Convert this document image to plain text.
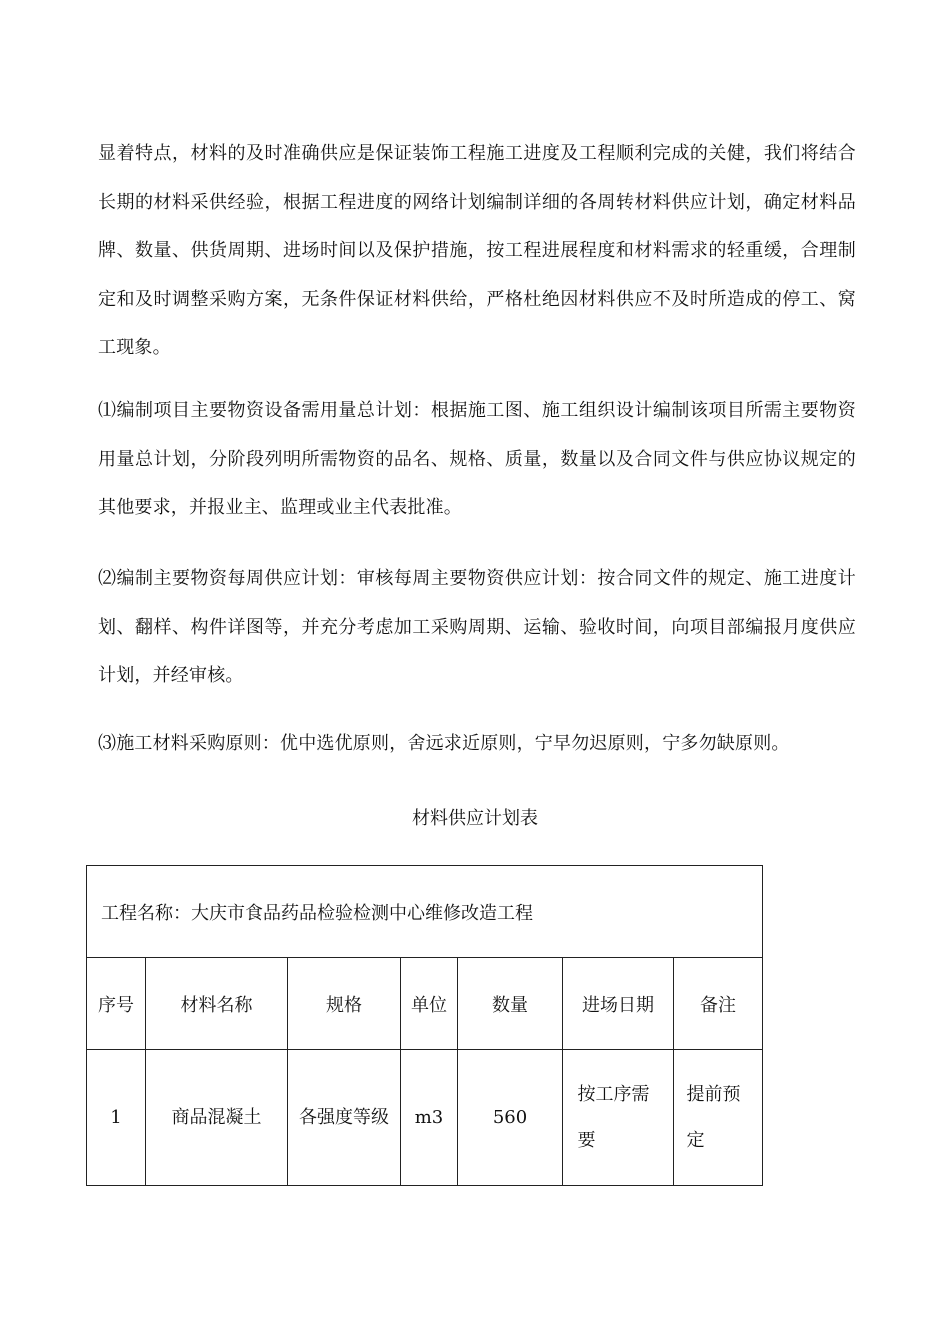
显着特点，材料的及时准确供应是保证装饰工程施工进度及工程顺利完成的关健，我们将结合长期的材料采供经验，根据工程进度的网络计划编制详细的各周转材料供应计划，确定材料品牌、数量、供货周期、进场时间以及保护措施，按工程进展程度和材料需求的轻重缓，合理制定和及时调整采购方案，无条件保证材料供给，严格杜绝因材料供应不及时所造成的停工、窝工现象。

⑴编制项目主要物资设备需用量总计划：根据施工图、施工组织设计编制该项目所需主要物资用量总计划，分阶段列明所需物资的品名、规格、质量，数量以及合同文件与供应协议规定的其他要求，并报业主、监理或业主代表批准。

⑵编制主要物资每周供应计划：审核每周主要物资供应计划：按合同文件的规定、施工进度计划、翻样、构件详图等，并充分考虑加工采购周期、运输、验收时间，向项目部编报月度供应计划，并经审核。

⑶施工材料采购原则：优中选优原则，舍远求近原则，宁早勿迟原则，宁多勿缺原则。

材料供应计划表

工程名称：大庆市食品药品检验检测中心维修改造工程						
序号	材料名称	规格	单位	数量	进场日期	备注
1	商品混凝土	各强度等级	m3	560	按工序需要	提前预定
